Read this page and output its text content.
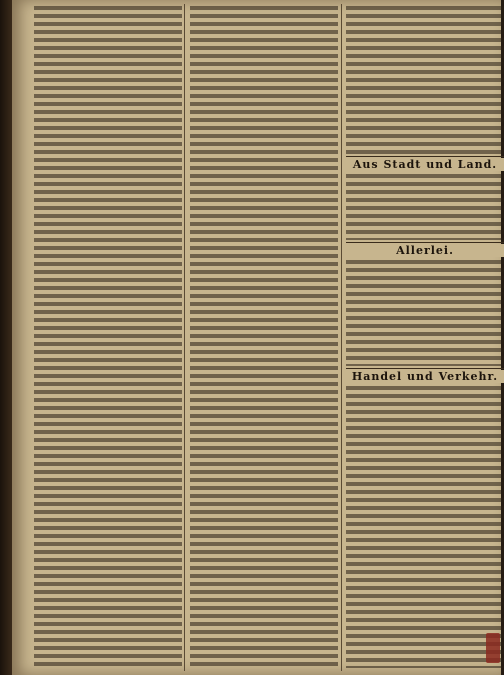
Aus Stadt und Land.
Allerlei.
Handel und Verkehr.
